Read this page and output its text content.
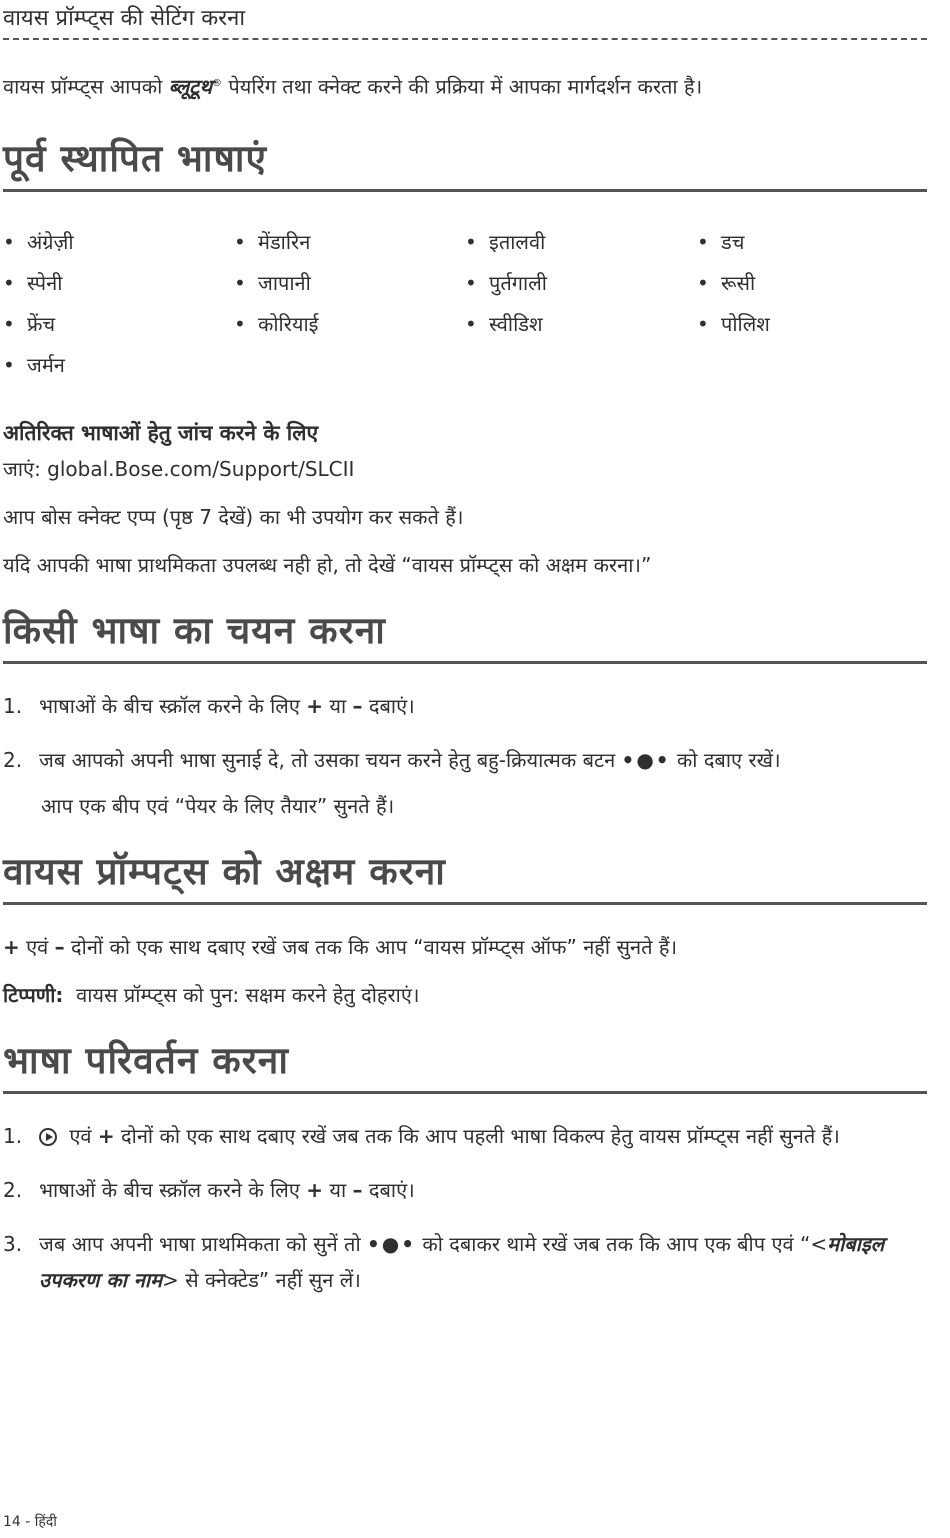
वायस प्रॉम्प्ट्स की सेटिंग करना

वायस प्रॉम्प्ट्स आपको ब्लूटूथ® पेयरिंग तथा क्नेक्ट करने की प्रक्रिया में आपका मार्गदर्शन करता है।

पूर्व स्थापित भाषाएं
• अंग्रेज़ी	• मेंडारिन	• इतालवी	• डच
• स्पेनी	• जापानी	• पुर्तगाली	• रूसी
• फ्रेंच	• कोरियाई	• स्वीडिश	• पोलिश
• जर्मन
अतिरिक्त भाषाओं हेतु जांच करने के लिए

जाएं: global.Bose.com/Support/SLCII

आप बोस क्नेक्ट एप्प (पृष्ठ 7 देखें) का भी उपयोग कर सकते हैं।

यदि आपकी भाषा प्राथमिकता उपलब्ध नही हो, तो देखें “वायस प्रॉम्प्ट्स को अक्षम करना।”

किसी भाषा का चयन करना
1. भाषाओं के बीच स्क्रॉल करने के लिए + या – दबाएं।
2. जब आपको अपनी भाषा सुनाई दे, तो उसका चयन करने हेतु बहु-क्रियात्मक बटन •●• को दबाए रखें।

आप एक बीप एवं “पेयर के लिए तैयार” सुनते हैं।

वायस प्रॉम्पट्स को अक्षम करना

+ एवं – दोनों को एक साथ दबाए रखें जब तक कि आप “वायस प्रॉम्प्ट्स ऑफ” नहीं सुनते हैं।

टिप्पणी:  वायस प्रॉम्प्ट्स को पुन: सक्षम करने हेतु दोहराएं।

भाषा परिवर्तन करना
1.	एवं + दोनों को एक साथ दबाए रखें जब तक कि आप पहली भाषा विकल्प हेतु वायस प्रॉम्प्ट्स नहीं सुनते हैं।
2. भाषाओं के बीच स्क्रॉल करने के लिए + या – दबाएं।
3. जब आप अपनी भाषा प्राथमिकता को सुनें तो •●• को दबाकर थामे रखें जब तक कि आप एक बीप एवं “<मोबाइल उपकरण का नाम> से क्नेक्टेड” नहीं सुन लें।
14 - हिंदी
